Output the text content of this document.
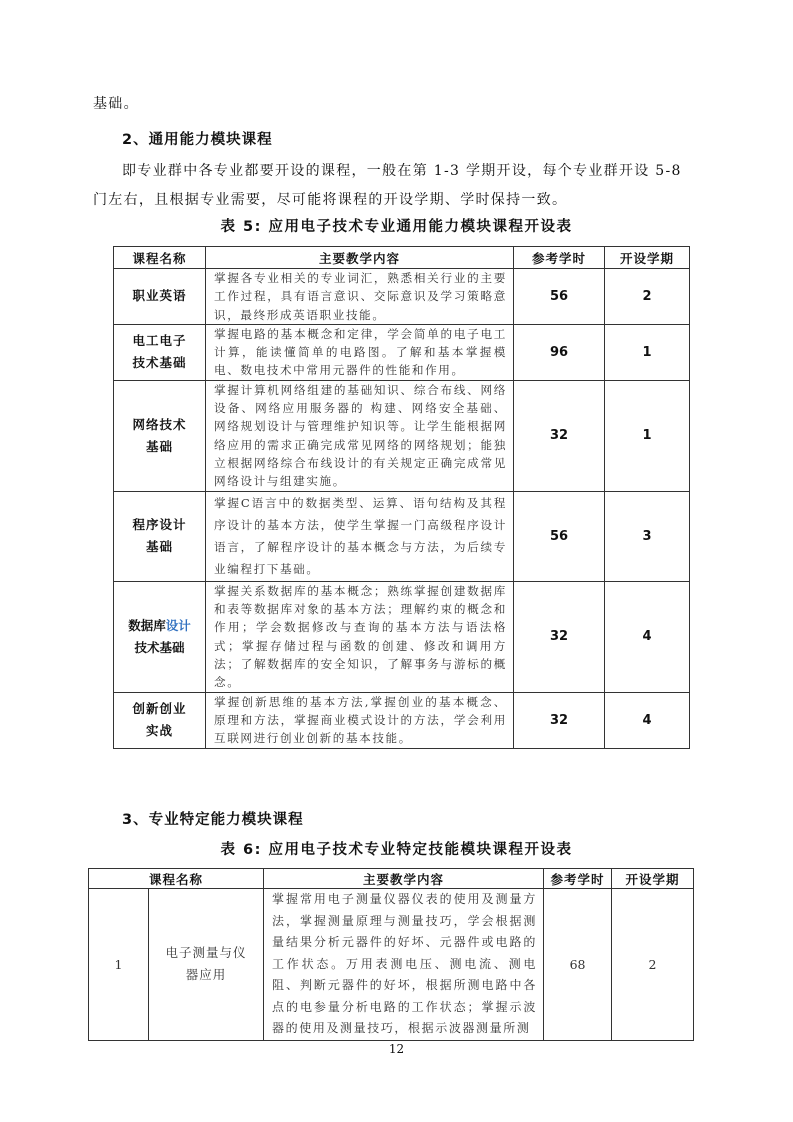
基础。
2、通用能力模块课程
即专业群中各专业都要开设的课程，一般在第 1-3 学期开设，每个专业群开设 5-8
门左右，且根据专业需要，尽可能将课程的开设学期、学时保持一致。
表 5: 应用电子技术专业通用能力模块课程开设表
课程名称	主要教学内容	参考学时	开设学期
职业英语	掌握各专业相关的专业词汇，熟悉相关行业的主要工作过程，具有语言意识、交际意识及学习策略意识，最终形成英语职业技能。	56	2

电工电子
技术基础	掌握电路的基本概念和定律，学会简单的电子电工计算，能读懂简单的电路图。了解和基本掌握模电、数电技术中常用元器件的性能和作用。	96	1

网络技术
基础	掌握计算机网络组建的基础知识、综合布线、网络设备、网络应用服务器的 构建、网络安全基础、网络规划设计与管理维护知识等。让学生能根据网络应用的需求正确完成常见网络的网络规划；能独立根据网络综合布线设计的有关规定正确完成常见网络设计与组建实施。	32	1

程序设计
基础	掌握C语言中的数据类型、运算、语句结构及其程序设计的基本方法，使学生掌握一门高级程序设计语言，了解程序设计的基本概念与方法，为后续专业编程打下基础。	56	3

数据库设计
技术基础	掌握关系数据库的基本概念；熟练掌握创建数据库和表等数据库对象的基本方法；理解约束的概念和作用；学会数据修改与查询的基本方法与语法格式；掌握存储过程与函数的创建、修改和调用方法；了解数据库的安全知识，了解事务与游标的概念。	32	4

创新创业
实战	掌握创新思维的基本方法,掌握创业的基本概念、原理和方法，掌握商业模式设计的方法，学会利用互联网进行创业创新的基本技能。	32	4
3、专业特定能力模块课程
表 6: 应用电子技术专业特定技能模块课程开设表
课程名称		主要教学内容	参考学时	开设学期
1	电子测量与仪器应用	掌握常用电子测量仪器仪表的使用及测量方法，掌握测量原理与测量技巧，学会根据测量结果分析元器件的好坏、元器件或电路的工作状态。万用表测电压、测电流、测电阻、判断元器件的好坏，根据所测电路中各点的电参量分析电路的工作状态；掌握示波器的使用及测量技巧，根据示波器测量所测	68	2
12
